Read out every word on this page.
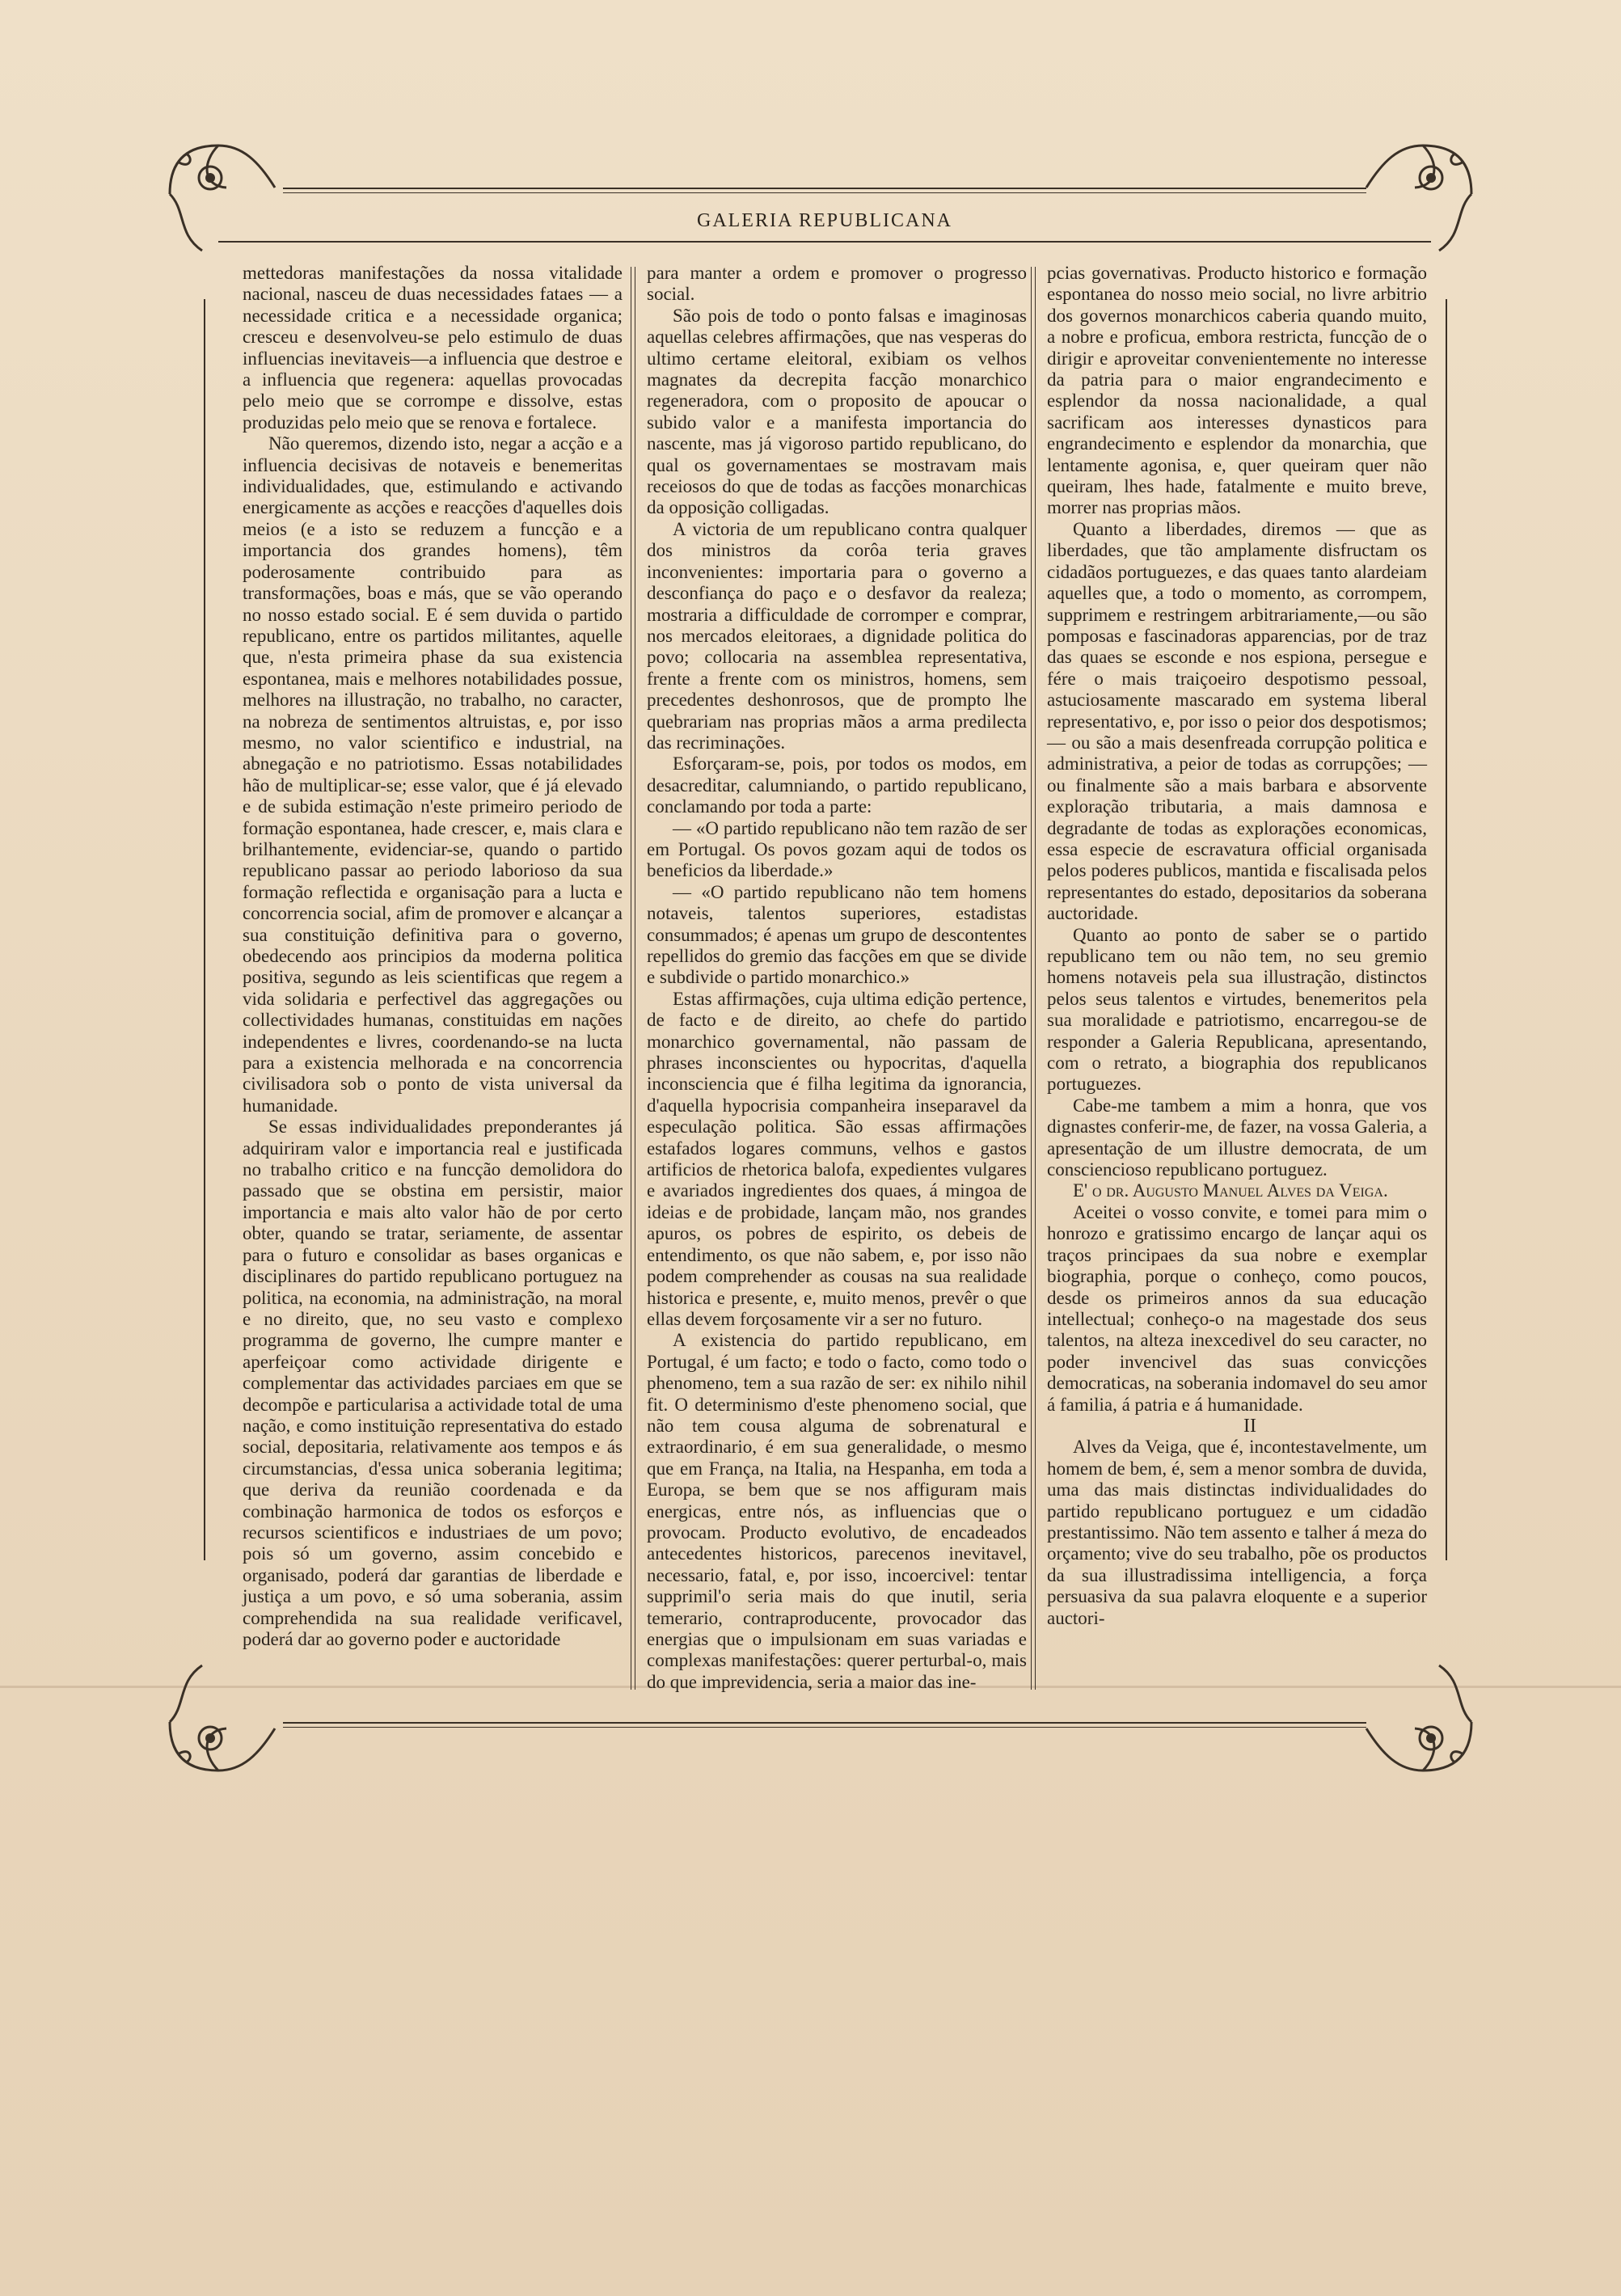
GALERIA REPUBLICANA

mettedoras manifestações da nossa vitalidade nacional, nasceu de duas necessidades fataes — a necessidade critica e a necessidade organica; cresceu e desenvolveu-se pelo estimulo de duas influencias inevitaveis—a influencia que destroe e a influencia que regenera: aquellas provocadas pelo meio que se corrompe e dissolve, estas produzidas pelo meio que se renova e fortalece.

Não queremos, dizendo isto, negar a acção e a influencia decisivas de notaveis e benemeritas individualidades, que, estimulando e activando energicamente as acções e reacções d'aquelles dois meios (e a isto se reduzem a funcção e a importancia dos grandes homens), têm poderosamente contribuido para as transformações, boas e más, que se vão operando no nosso estado social. E é sem duvida o partido republicano, entre os partidos militantes, aquelle que, n'esta primeira phase da sua existencia espontanea, mais e melhores notabilidades possue, melhores na illustração, no trabalho, no caracter, na nobreza de sentimentos altruistas, e, por isso mesmo, no valor scientifico e industrial, na abnegação e no patriotismo. Essas notabilidades hão de multiplicar-se; esse valor, que é já elevado e de subida estimação n'este primeiro periodo de formação espontanea, hade crescer, e, mais clara e brilhantemente, evidenciar-se, quando o partido republicano passar ao periodo laborioso da sua formação reflectida e organisação para a lucta e concorrencia social, afim de promover e alcançar a sua constituição definitiva para o governo, obedecendo aos principios da moderna politica positiva, segundo as leis scientificas que regem a vida solidaria e perfectivel das aggregações ou collectividades humanas, constituidas em nações independentes e livres, coordenando-se na lucta para a existencia melhorada e na concorrencia civilisadora sob o ponto de vista universal da humanidade.

Se essas individualidades preponderantes já adquiriram valor e importancia real e justificada no trabalho critico e na funcção demolidora do passado que se obstina em persistir, maior importancia e mais alto valor hão de por certo obter, quando se tratar, seriamente, de assentar para o futuro e consolidar as bases organicas e disciplinares do partido republicano portuguez na politica, na economia, na administração, na moral e no direito, que, no seu vasto e complexo programma de governo, lhe cumpre manter e aperfeiçoar como actividade dirigente e complementar das actividades parciaes em que se decompõe e particularisa a actividade total de uma nação, e como instituição representativa do estado social, depositaria, relativamente aos tempos e ás circumstancias, d'essa unica soberania legitima; que deriva da reunião coordenada e da combinação harmonica de todos os esforços e recursos scientificos e industriaes de um povo; pois só um governo, assim concebido e organisado, poderá dar garantias de liberdade e justiça a um povo, e só uma soberania, assim comprehendida na sua realidade verificavel, poderá dar ao governo poder e auctoridade

para manter a ordem e promover o progresso social.

São pois de todo o ponto falsas e imaginosas aquellas celebres affirmações, que nas vesperas do ultimo certame eleitoral, exibiam os velhos magnates da decrepita facção monarchico regeneradora, com o proposito de apoucar o subido valor e a manifesta importancia do nascente, mas já vigoroso partido republicano, do qual os governamentaes se mostravam mais receiosos do que de todas as facções monarchicas da opposição colligadas.

A victoria de um republicano contra qualquer dos ministros da corôa teria graves inconvenientes: importaria para o governo a desconfiança do paço e o desfavor da realeza; mostraria a difficuldade de corromper e comprar, nos mercados eleitoraes, a dignidade politica do povo; collocaria na assemblea representativa, frente a frente com os ministros, homens, sem precedentes deshonrosos, que de prompto lhe quebrariam nas proprias mãos a arma predilecta das recriminações.

Esforçaram-se, pois, por todos os modos, em desacreditar, calumniando, o partido republicano, conclamando por toda a parte:

— «O partido republicano não tem razão de ser em Portugal. Os povos gozam aqui de todos os beneficios da liberdade.»

— «O partido republicano não tem homens notaveis, talentos superiores, estadistas consummados; é apenas um grupo de descontentes repellidos do gremio das facções em que se divide e subdivide o partido monarchico.»

Estas affirmações, cuja ultima edição pertence, de facto e de direito, ao chefe do partido monarchico governamental, não passam de phrases inconscientes ou hypocritas, d'aquella inconsciencia que é filha legitima da ignorancia, d'aquella hypocrisia companheira inseparavel da especulação politica. São essas affirmações estafados logares communs, velhos e gastos artificios de rhetorica balofa, expedientes vulgares e avariados ingredientes dos quaes, á mingoa de ideias e de probidade, lançam mão, nos grandes apuros, os pobres de espirito, os debeis de entendimento, os que não sabem, e, por isso não podem comprehender as cousas na sua realidade historica e presente, e, muito menos, prevêr o que ellas devem forçosamente vir a ser no futuro.

A existencia do partido republicano, em Portugal, é um facto; e todo o facto, como todo o phenomeno, tem a sua razão de ser: ex nihilo nihil fit. O determinismo d'este phenomeno social, que não tem cousa alguma de sobrenatural e extraordinario, é em sua generalidade, o mesmo que em França, na Italia, na Hespanha, em toda a Europa, se bem que se nos affiguram mais energicas, entre nós, as influencias que o provocam. Producto evolutivo, de encadeados antecedentes historicos, parecenos inevitavel, necessario, fatal, e, por isso, incoercivel: tentar supprimil'o seria mais do que inutil, seria temerario, contraproducente, provocador das energias que o impulsionam em suas variadas e complexas manifestações: querer perturbal-o, mais do que imprevidencia, seria a maior das ine-

pcias governativas. Producto historico e formação espontanea do nosso meio social, no livre arbitrio dos governos monarchicos caberia quando muito, a nobre e proficua, embora restricta, funcção de o dirigir e aproveitar convenientemente no interesse da patria para o maior engrandecimento e esplendor da nossa nacionalidade, a qual sacrificam aos interesses dynasticos para engrandecimento e esplendor da monarchia, que lentamente agonisa, e, quer queiram quer não queiram, lhes hade, fatalmente e muito breve, morrer nas proprias mãos.

Quanto a liberdades, diremos — que as liberdades, que tão amplamente disfructam os cidadãos portuguezes, e das quaes tanto alardeiam aquelles que, a todo o momento, as corrompem, supprimem e restringem arbitrariamente,—ou são pomposas e fascinadoras apparencias, por de traz das quaes se esconde e nos espiona, persegue e fére o mais traiçoeiro despotismo pessoal, astuciosamente mascarado em systema liberal representativo, e, por isso o peior dos despotismos; — ou são a mais desenfreada corrupção politica e administrativa, a peior de todas as corrupções; — ou finalmente são a mais barbara e absorvente exploração tributaria, a mais damnosa e degradante de todas as explorações economicas, essa especie de escravatura official organisada pelos poderes publicos, mantida e fiscalisada pelos representantes do estado, depositarios da soberana auctoridade.

Quanto ao ponto de saber se o partido republicano tem ou não tem, no seu gremio homens notaveis pela sua illustração, distinctos pelos seus talentos e virtudes, benemeritos pela sua moralidade e patriotismo, encarregou-se de responder a Galeria Republicana, apresentando, com o retrato, a biographia dos republicanos portuguezes.

Cabe-me tambem a mim a honra, que vos dignastes conferir-me, de fazer, na vossa Galeria, a apresentação de um illustre democrata, de um consciencioso republicano portuguez.

E' o dr. Augusto Manuel Alves da Veiga.

Aceitei o vosso convite, e tomei para mim o honrozo e gratissimo encargo de lançar aqui os traços principaes da sua nobre e exemplar biographia, porque o conheço, como poucos, desde os primeiros annos da sua educação intellectual; conheço-o na magestade dos seus talentos, na alteza inexcedivel do seu caracter, no poder invencivel das suas convicções democraticas, na soberania indomavel do seu amor á familia, á patria e á humanidade.

II

Alves da Veiga, que é, incontestavelmente, um homem de bem, é, sem a menor sombra de duvida, uma das mais distinctas individualidades do partido republicano portuguez e um cidadão prestantissimo. Não tem assento e talher á meza do orçamento; vive do seu trabalho, põe os productos da sua illustradissima intelligencia, a força persuasiva da sua palavra eloquente e a superior auctori-
